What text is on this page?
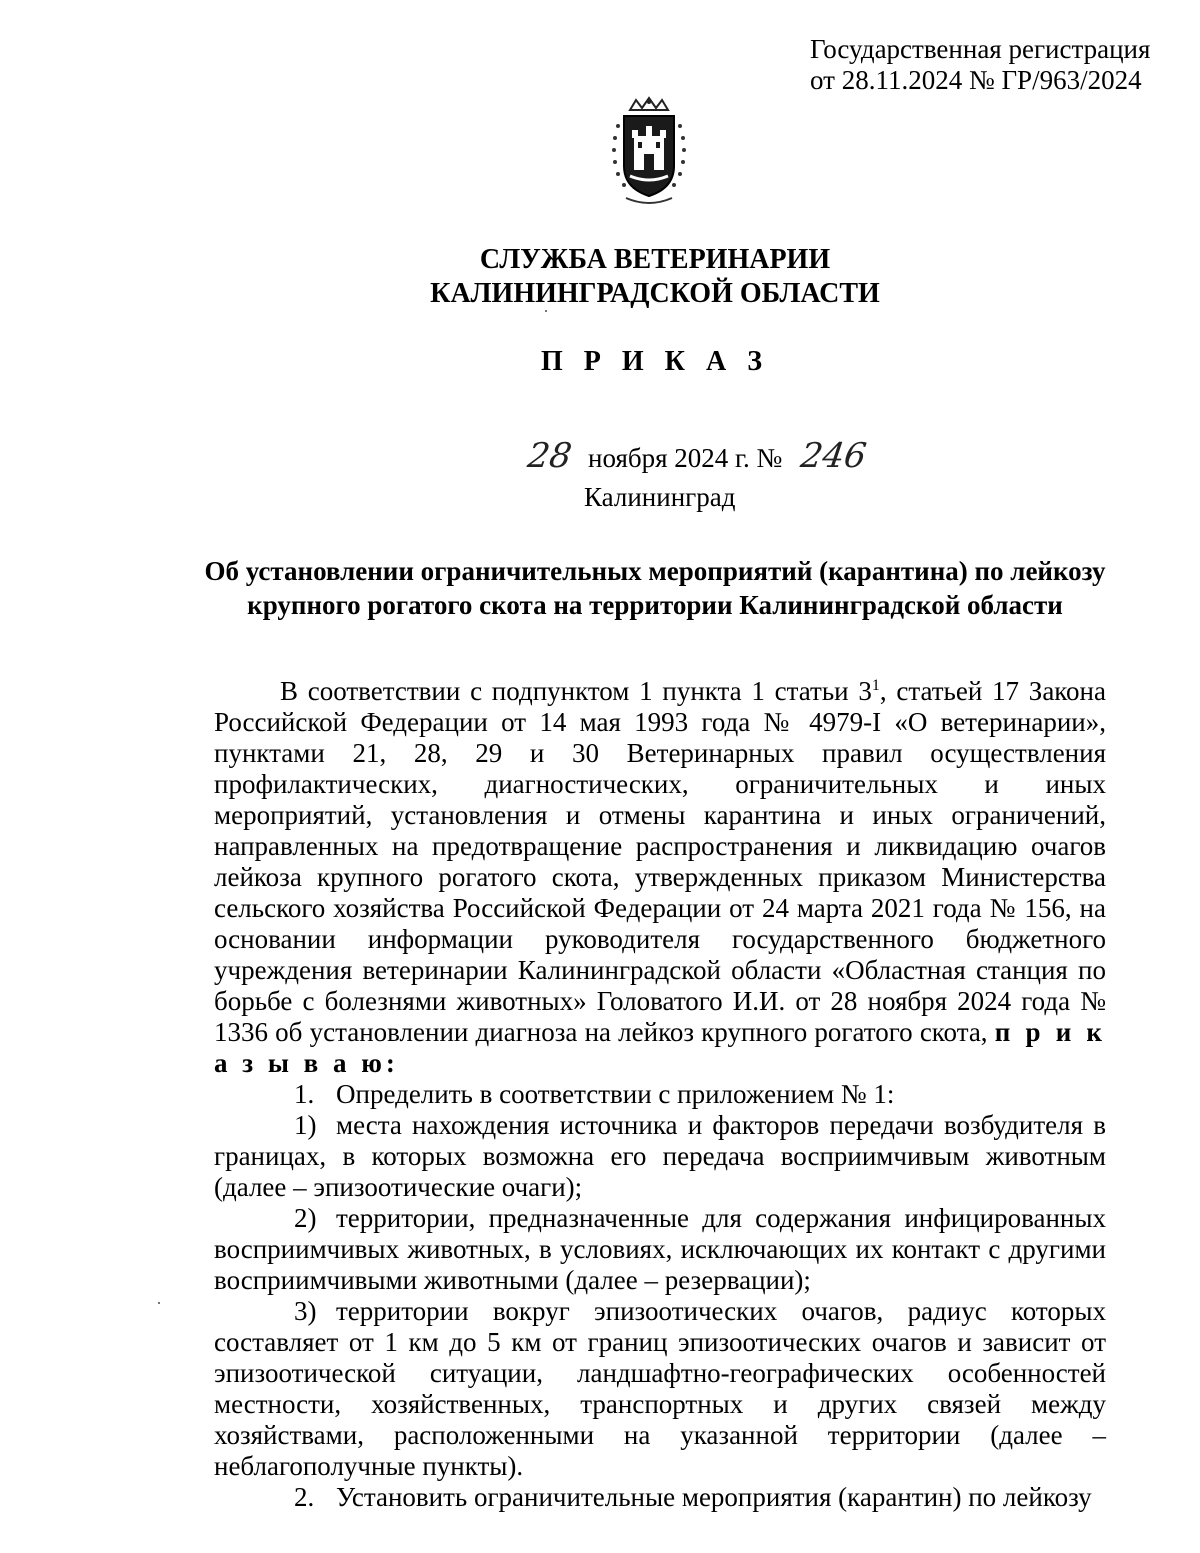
Государственная регистрация
от 28.11.2024 № ГР/963/2024
СЛУЖБА ВЕТЕРИНАРИИ
КАЛИНИНГРАДСКОЙ ОБЛАСТИ
П Р И К А З
28 ноября 2024 г. № 246
Калининград
Об установлении ограничительных мероприятий (карантина) по лейкозу
крупного рогатого скота на территории Калининградской области

В соответствии с подпунктом 1 пункта 1 статьи $3^1$, статьей 17 Закона Российской Федерации от 14 мая 1993 года № 4979-I «О ветеринарии», пунктами 21, 28, 29 и 30 Ветеринарных правил осуществления профилактических, диагностических, ограничительных и иных мероприятий, установления и отмены карантина и иных ограничений, направленных на предотвращение распространения и ликвидацию очагов лейкоза крупного рогатого скота, утвержденных приказом Министерства сельского хозяйства Российской Федерации от 24 марта 2021 года № 156, на основании информации руководителя государственного бюджетного учреждения ветеринарии Калининградской области «Областная станция по борьбе с болезнями животных» Головатого И.И. от 28 ноября 2024 года № 1336 об установлении диагноза на лейкоз крупного рогатого скота, п р и к а з ы в а ю:

1. Определить в соответствии с приложением № 1:

1) места нахождения источника и факторов передачи возбудителя в границах, в которых возможна его передача восприимчивым животным (далее – эпизоотические очаги);

2) территории, предназначенные для содержания инфицированных восприимчивых животных, в условиях, исключающих их контакт с другими восприимчивыми животными (далее – резервации);

3) территории вокруг эпизоотических очагов, радиус которых составляет от 1 км до 5 км от границ эпизоотических очагов и зависит от эпизоотической ситуации, ландшафтно-географических особенностей местности, хозяйственных, транспортных и других связей между хозяйствами, расположенными на указанной территории (далее – неблагополучные пункты).

2. Установить ограничительные мероприятия (карантин) по лейкозу
